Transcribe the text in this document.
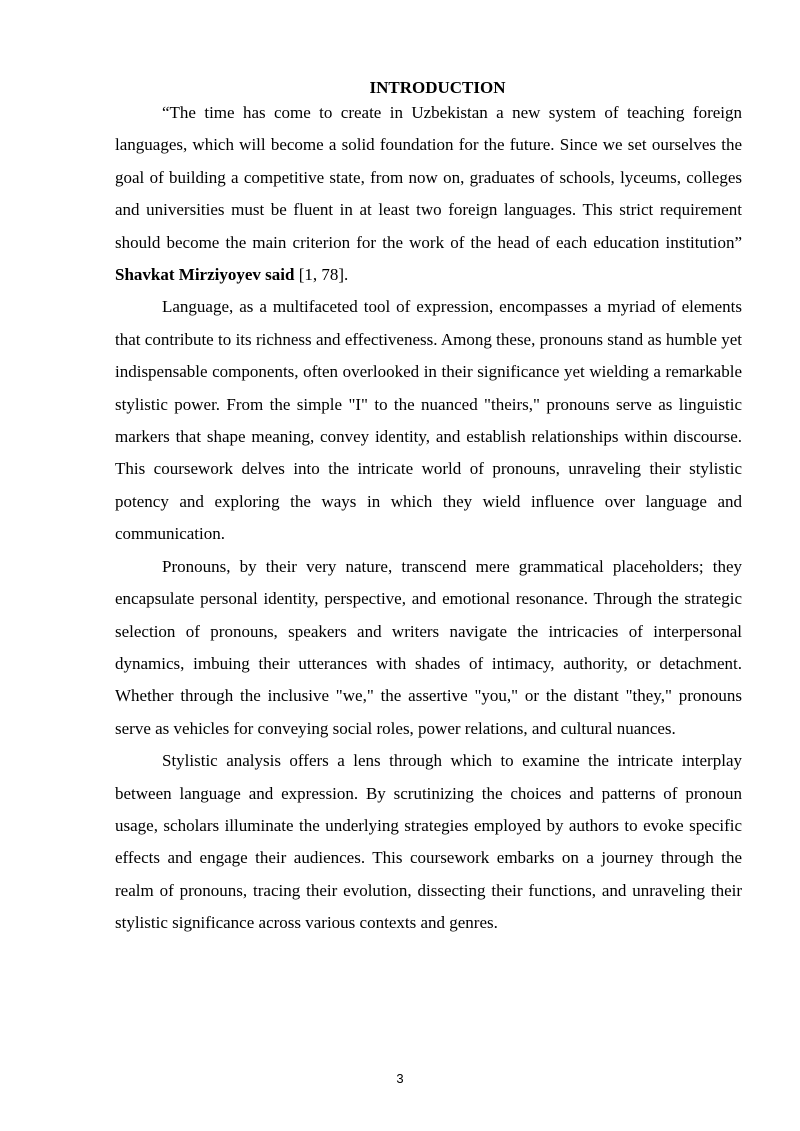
INTRODUCTION

“The time has come to create in Uzbekistan a new system of teaching foreign languages, which will become a solid foundation for the future. Since we set ourselves the goal of building a competitive state, from now on, graduates of schools, lyceums, colleges and universities must be fluent in at least two foreign languages. This strict requirement should become the main criterion for the work of the head of each education institution” Shavkat Mirziyoyev said [1, 78].

Language, as a multifaceted tool of expression, encompasses a myriad of elements that contribute to its richness and effectiveness. Among these, pronouns stand as humble yet indispensable components, often overlooked in their significance yet wielding a remarkable stylistic power. From the simple "I" to the nuanced "theirs," pronouns serve as linguistic markers that shape meaning, convey identity, and establish relationships within discourse. This coursework delves into the intricate world of pronouns, unraveling their stylistic potency and exploring the ways in which they wield influence over language and communication.

Pronouns, by their very nature, transcend mere grammatical placeholders; they encapsulate personal identity, perspective, and emotional resonance. Through the strategic selection of pronouns, speakers and writers navigate the intricacies of interpersonal dynamics, imbuing their utterances with shades of intimacy, authority, or detachment. Whether through the inclusive "we," the assertive "you," or the distant "they," pronouns serve as vehicles for conveying social roles, power relations, and cultural nuances.

Stylistic analysis offers a lens through which to examine the intricate interplay between language and expression. By scrutinizing the choices and patterns of pronoun usage, scholars illuminate the underlying strategies employed by authors to evoke specific effects and engage their audiences. This coursework embarks on a journey through the realm of pronouns, tracing their evolution, dissecting their functions, and unraveling their stylistic significance across various contexts and genres.

3
